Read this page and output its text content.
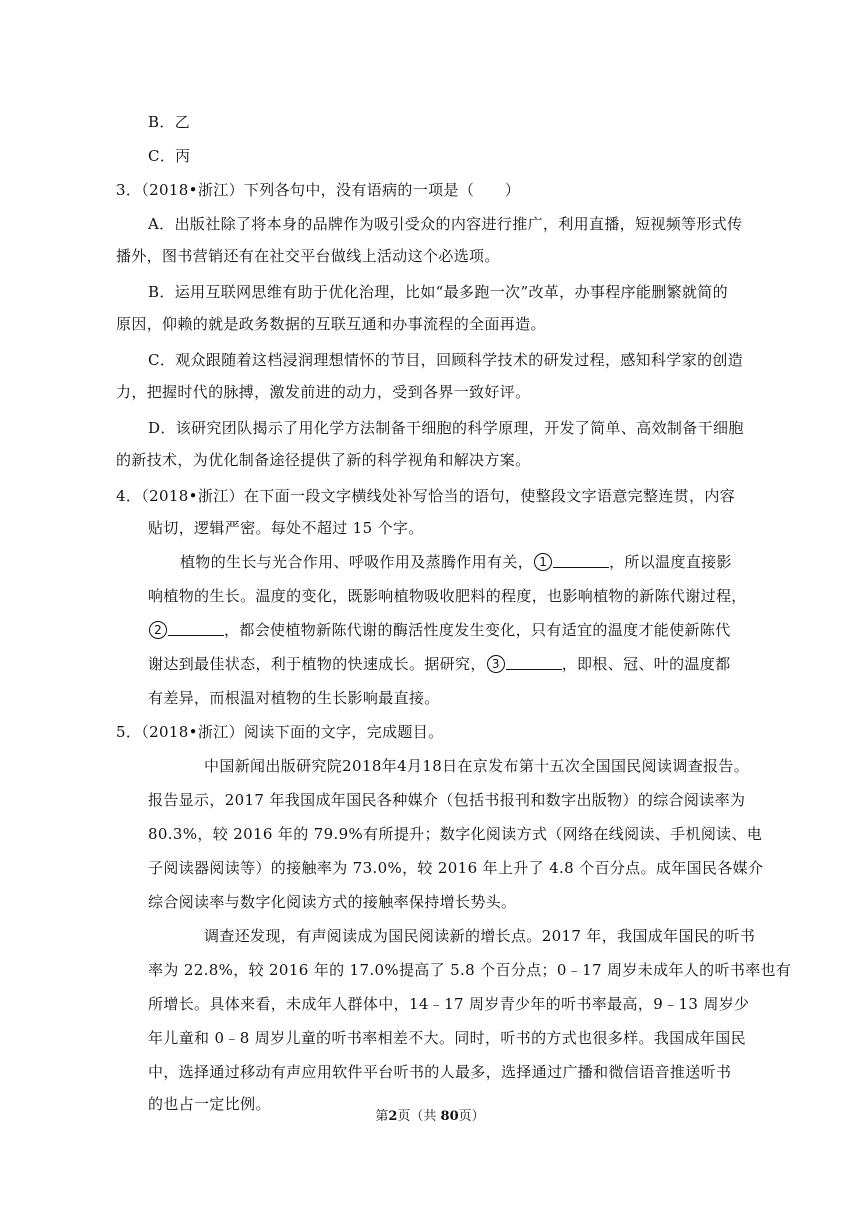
B．乙
C．丙
3．（2018•浙江）下列各句中，没有语病的一项是（　　）
A．出版社除了将本身的品牌作为吸引受众的内容进行推广，利用直播，短视频等形式传
播外，图书营销还有在社交平台做线上活动这个必选项。
B．运用互联网思维有助于优化治理，比如“最多跑一次”改革，办事程序能删繁就简的
原因，仰赖的就是政务数据的互联互通和办事流程的全面再造。
C．观众跟随着这档浸润理想情怀的节目，回顾科学技术的研发过程，感知科学家的创造
力，把握时代的脉搏，激发前进的动力，受到各界一致好评。
D．该研究团队揭示了用化学方法制备干细胞的科学原理，开发了简单、高效制备干细胞
的新技术，为优化制备途径提供了新的科学视角和解决方案。
4．（2018•浙江）在下面一段文字横线处补写恰当的语句，使整段文字语意完整连贯，内容
贴切，逻辑严密。每处不超过 15 个字。
植物的生长与光合作用、呼吸作用及蒸腾作用有关， 1	，所以温度直接影
响植物的生长。温度的变化，既影响植物吸收肥料的程度，也影响植物的新陈代谢过程，
2	，都会使植物新陈代谢的酶活性度发生变化，只有适宜的温度才能使新陈代
谢达到最佳状态，利于植物的快速成长。据研究， 3	，即根、冠、叶的温度都
有差异，而根温对植物的生长影响最直接。
5．（2018•浙江）阅读下面的文字，完成题目。
中国新闻出版研究院2018年4月18日在京发布第十五次全国国民阅读调查报告。
报告显示，2017 年我国成年国民各种媒介（包括书报刊和数字出版物）的综合阅读率为
80.3%，较 2016 年的 79.9%有所提升；数字化阅读方式（网络在线阅读、手机阅读、电
子阅读器阅读等）的接触率为 73.0%，较 2016 年上升了 4.8 个百分点。成年国民各媒介
综合阅读率与数字化阅读方式的接触率保持增长势头。
调查还发现，有声阅读成为国民阅读新的增长点。2017 年，我国成年国民的听书
率为 22.8%，较 2016 年的 17.0%提高了 5.8 个百分点；0﹣17 周岁未成年人的听书率也有
所增长。具体来看，未成年人群体中，14﹣17 周岁青少年的听书率最高，9﹣13 周岁少
年儿童和 0﹣8 周岁儿童的听书率相差不大。同时，听书的方式也很多样。我国成年国民
中，选择通过移动有声应用软件平台听书的人最多，选择通过广播和微信语音推送听书
的也占一定比例。
第2页（共 80页）
